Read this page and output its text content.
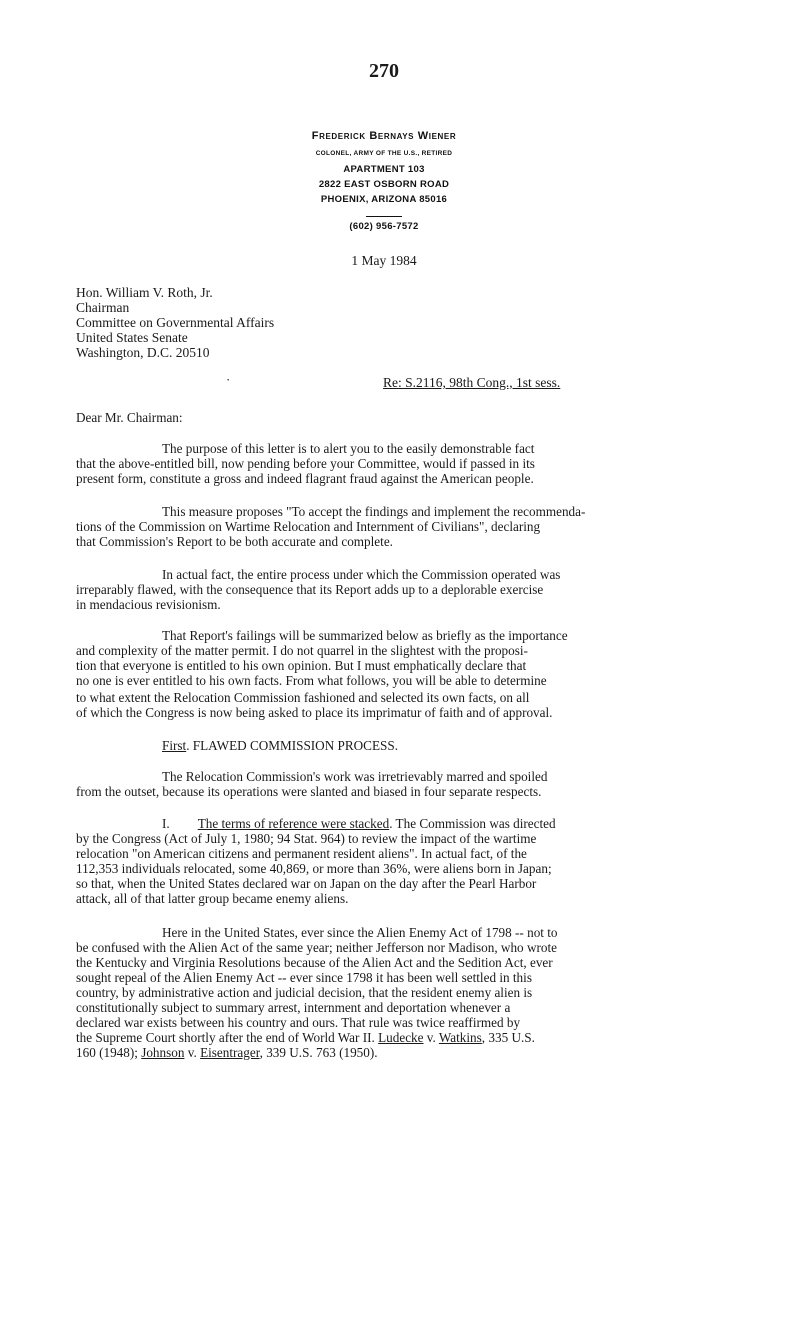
270
Frederick Bernays Wiener
COLONEL, ARMY OF THE U.S., RETIRED
APARTMENT 103
2822 EAST OSBORN ROAD
PHOENIX, ARIZONA 85016
(602) 956-7572
1 May 1984
Hon. William V. Roth, Jr.
Chairman
Committee on Governmental Affairs
United States Senate
Washington, D.C. 20510
·	Re: S.2116, 98th Cong., 1st sess.
Dear Mr. Chairman:
The purpose of this letter is to alert you to the easily demonstrable fact
that the above-entitled bill, now pending before your Committee, would if passed in its
present form, constitute a gross and indeed flagrant fraud against the American people.
This measure proposes "To accept the findings and implement the recommenda-
tions of the Commission on Wartime Relocation and Internment of Civilians", declaring
that Commission's Report to be both accurate and complete.
In actual fact, the entire process under which the Commission operated was
irreparably flawed, with the consequence that its Report adds up to a deplorable exercise
in mendacious revisionism.
That Report's failings will be summarized below as briefly as the importance
and complexity of the matter permit. I do not quarrel in the slightest with the proposi-
tion that everyone is entitled to his own opinion. But I must emphatically declare that
no one is ever entitled to his own facts. From what follows, you will be able to determine
to what extent the Relocation Commission fashioned and selected its own facts, on all
of which the Congress is now being asked to place its imprimatur of faith and of approval.
First. FLAWED COMMISSION PROCESS.
The Relocation Commission's work was irretrievably marred and spoiled
from the outset, because its operations were slanted and biased in four separate respects.
I. The terms of reference were stacked. The Commission was directed
by the Congress (Act of July 1, 1980; 94 Stat. 964) to review the impact of the wartime
relocation "on American citizens and permanent resident aliens". In actual fact, of the
112,353 individuals relocated, some 40,869, or more than 36%, were aliens born in Japan;
so that, when the United States declared war on Japan on the day after the Pearl Harbor
attack, all of that latter group became enemy aliens.
Here in the United States, ever since the Alien Enemy Act of 1798 -- not to
be confused with the Alien Act of the same year; neither Jefferson nor Madison, who wrote
the Kentucky and Virginia Resolutions because of the Alien Act and the Sedition Act, ever
sought repeal of the Alien Enemy Act -- ever since 1798 it has been well settled in this
country, by administrative action and judicial decision, that the resident enemy alien is
constitutionally subject to summary arrest, internment and deportation whenever a
declared war exists between his country and ours. That rule was twice reaffirmed by
the Supreme Court shortly after the end of World War II. Ludecke v. Watkins, 335 U.S.
160 (1948); Johnson v. Eisentrager, 339 U.S. 763 (1950).
